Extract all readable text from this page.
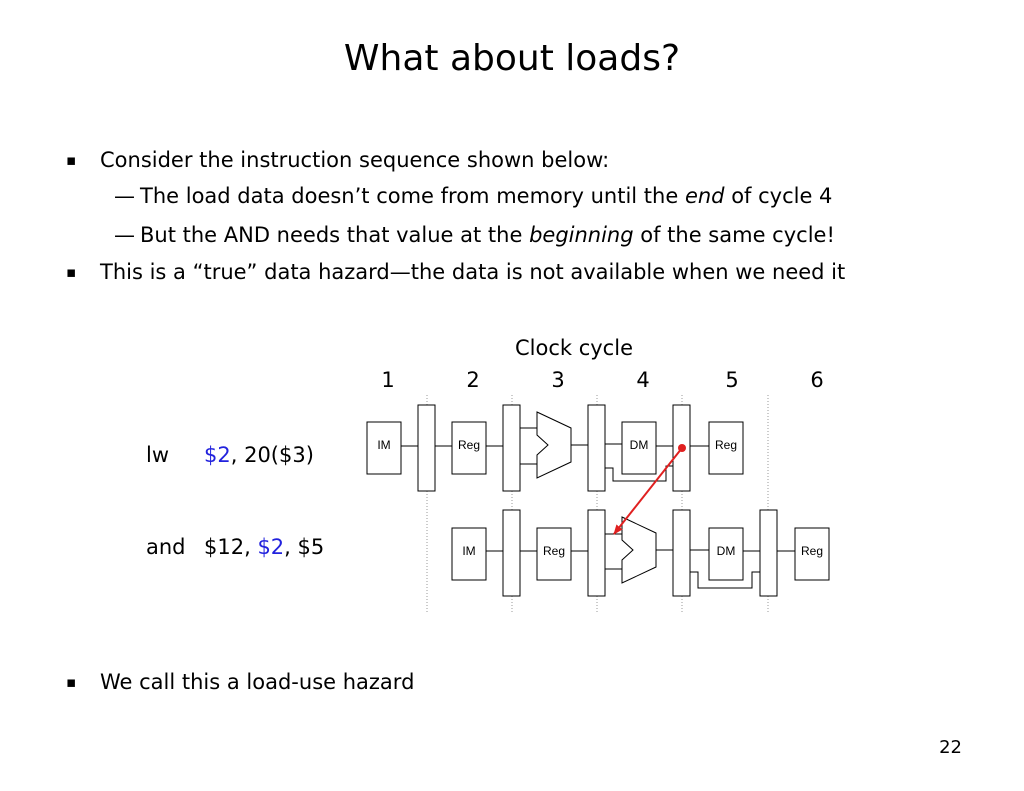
What about loads?
▪ Consider the instruction sequence shown below:
— The load data doesn’t come from memory until the end of cycle 4
— But the AND needs that value at the beginning of the same cycle!
▪ This is a “true” data hazard—the data is not available when we need it
▪ We call this a load-use hazard
Clock cycle
1	2	3	4	5	6
lw $2, 20($3)
and $12, $2, $5
IM	Reg	DM	Reg
IM	Reg	DM	Reg
22
